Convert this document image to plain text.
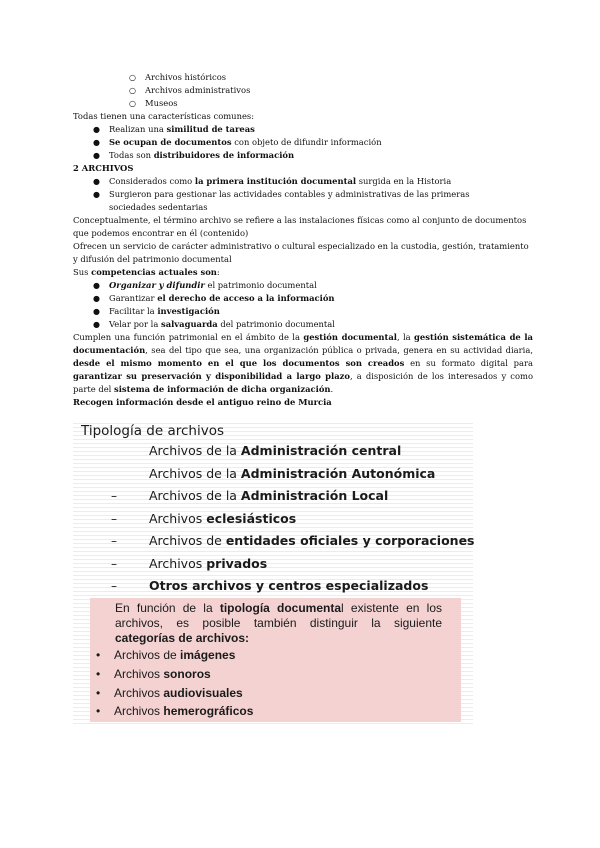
○ Archivos históricos
○ Archivos administrativos
○ Museos
Todas tienen una características comunes:
● Realizan una similitud de tareas
● Se ocupan de documentos con objeto de difundir información
● Todas son distribuidores de información
2 ARCHIVOS
● Considerados como la primera institución documental surgida en la Historia
● Surgieron para gestionar las actividades contables y administrativas de las primeras sociedades sedentarias
Conceptualmente, el término archivo se refiere a las instalaciones físicas como al conjunto de documentos que podemos encontrar en él (contenido)
Ofrecen un servicio de carácter administrativo o cultural especializado en la custodia, gestión, tratamiento y difusión del patrimonio documental
Sus competencias actuales son:
● Organizar y difundir el patrimonio documental
● Garantizar el derecho de acceso a la información
● Facilitar la investigación
● Velar por la salvaguarda del patrimonio documental
Cumplen una función patrimonial en el ámbito de la gestión documental, la gestión sistemática de la documentación, sea del tipo que sea, una organización pública o privada, genera en su actividad diaria, desde el mismo momento en el que los documentos son creados en su formato digital para garantizar su preservación y disponibilidad a largo plazo, a disposición de los interesados y como parte del sistema de información de dicha organización.
Recogen información desde el antiguo reino de Murcia
Tipología de archivos
Archivos de la Administración central
Archivos de la Administración Autonómica
–	Archivos de la Administración Local
–	Archivos eclesiásticos
–	Archivos de entidades oficiales y corporaciones
–	Archivos privados
–	Otros archivos y centros especializados
En función de la tipología documental existente en los archivos, es posible también distinguir la siguiente categorías de archivos:
• Archivos de imágenes
• Archivos sonoros
• Archivos audiovisuales
• Archivos hemerográficos
